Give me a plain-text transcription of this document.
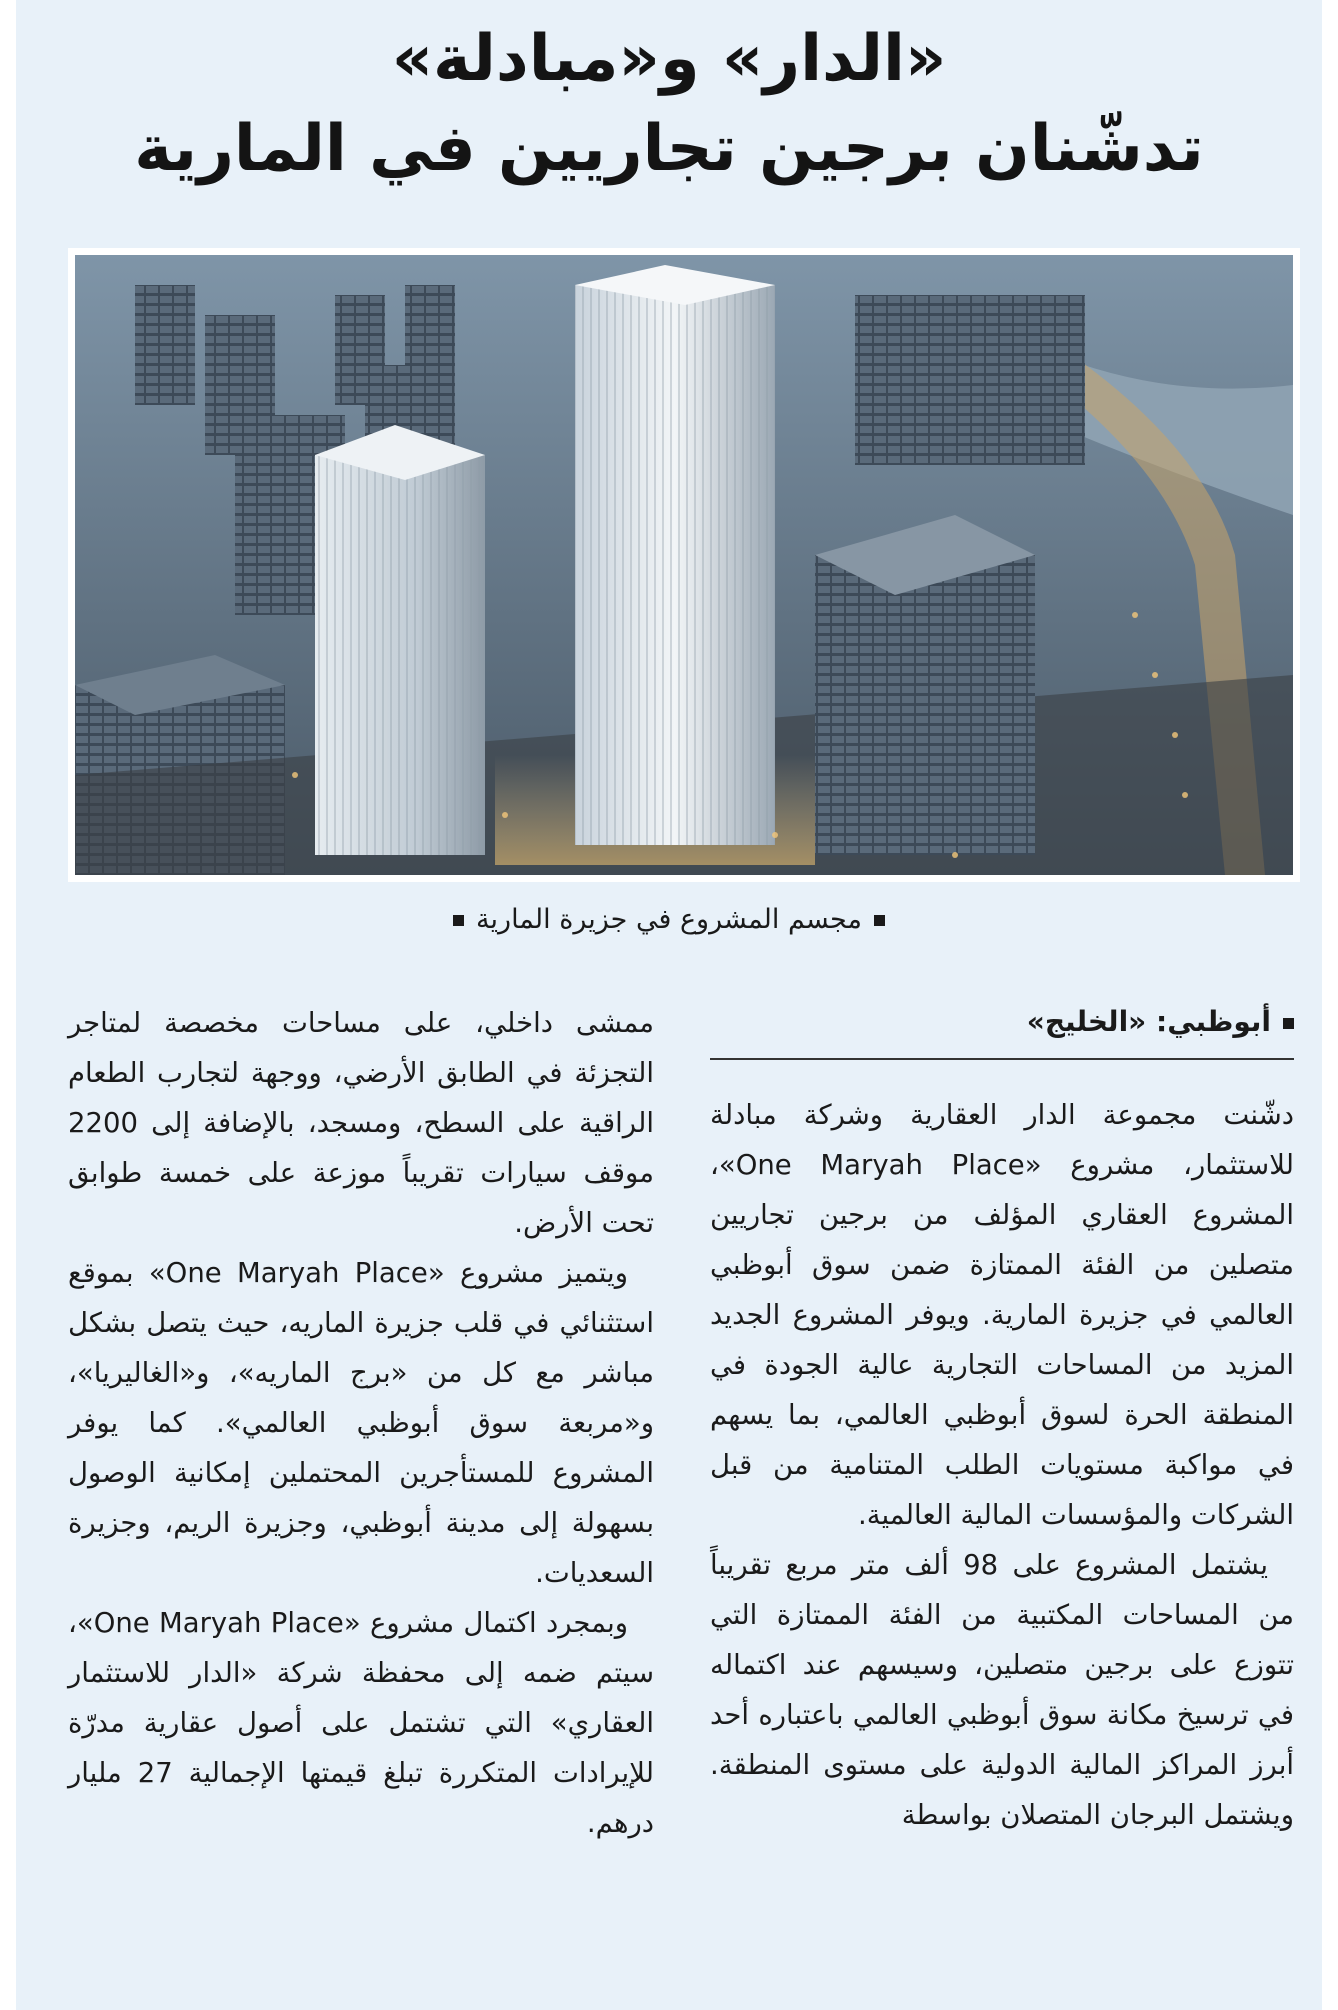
«الدار» و«مبادلة»
تدشّنان برجين تجاريين في المارية
مجسم المشروع في جزيرة المارية
أبوظبي: «الخليج»

دشّنت مجموعة الدار العقارية وشركة مبادلة للاستثمار، مشروع «One Maryah Place»، المشروع العقاري المؤلف من برجين تجاريين متصلين من الفئة الممتازة ضمن سوق أبوظبي العالمي في جزيرة المارية. ويوفر المشروع الجديد المزيد من المساحات التجارية عالية الجودة في المنطقة الحرة لسوق أبوظبي العالمي، بما يسهم في مواكبة مستويات الطلب المتنامية من قبل الشركات والمؤسسات المالية العالمية.

يشتمل المشروع على 98 ألف متر مربع تقريباً من المساحات المكتبية من الفئة الممتازة التي تتوزع على برجين متصلين، وسيسهم عند اكتماله في ترسيخ مكانة سوق أبوظبي العالمي باعتباره أحد أبرز المراكز المالية الدولية على مستوى المنطقة. ويشتمل البرجان المتصلان بواسطة

ممشى داخلي، على مساحات مخصصة لمتاجر التجزئة في الطابق الأرضي، ووجهة لتجارب الطعام الراقية على السطح، ومسجد، بالإضافة إلى 2200 موقف سيارات تقريباً موزعة على خمسة طوابق تحت الأرض.

ويتميز مشروع «One Maryah Place» بموقع استثنائي في قلب جزيرة الماريه، حيث يتصل بشكل مباشر مع كل من «برج الماريه»، و«الغاليريا»، و«مربعة سوق أبوظبي العالمي». كما يوفر المشروع للمستأجرين المحتملين إمكانية الوصول بسهولة إلى مدينة أبوظبي، وجزيرة الريم، وجزيرة السعديات.

وبمجرد اكتمال مشروع «One Maryah Place»، سيتم ضمه إلى محفظة شركة «الدار للاستثمار العقاري» التي تشتمل على أصول عقارية مدرّة للإيرادات المتكررة تبلغ قيمتها الإجمالية 27 مليار درهم.
